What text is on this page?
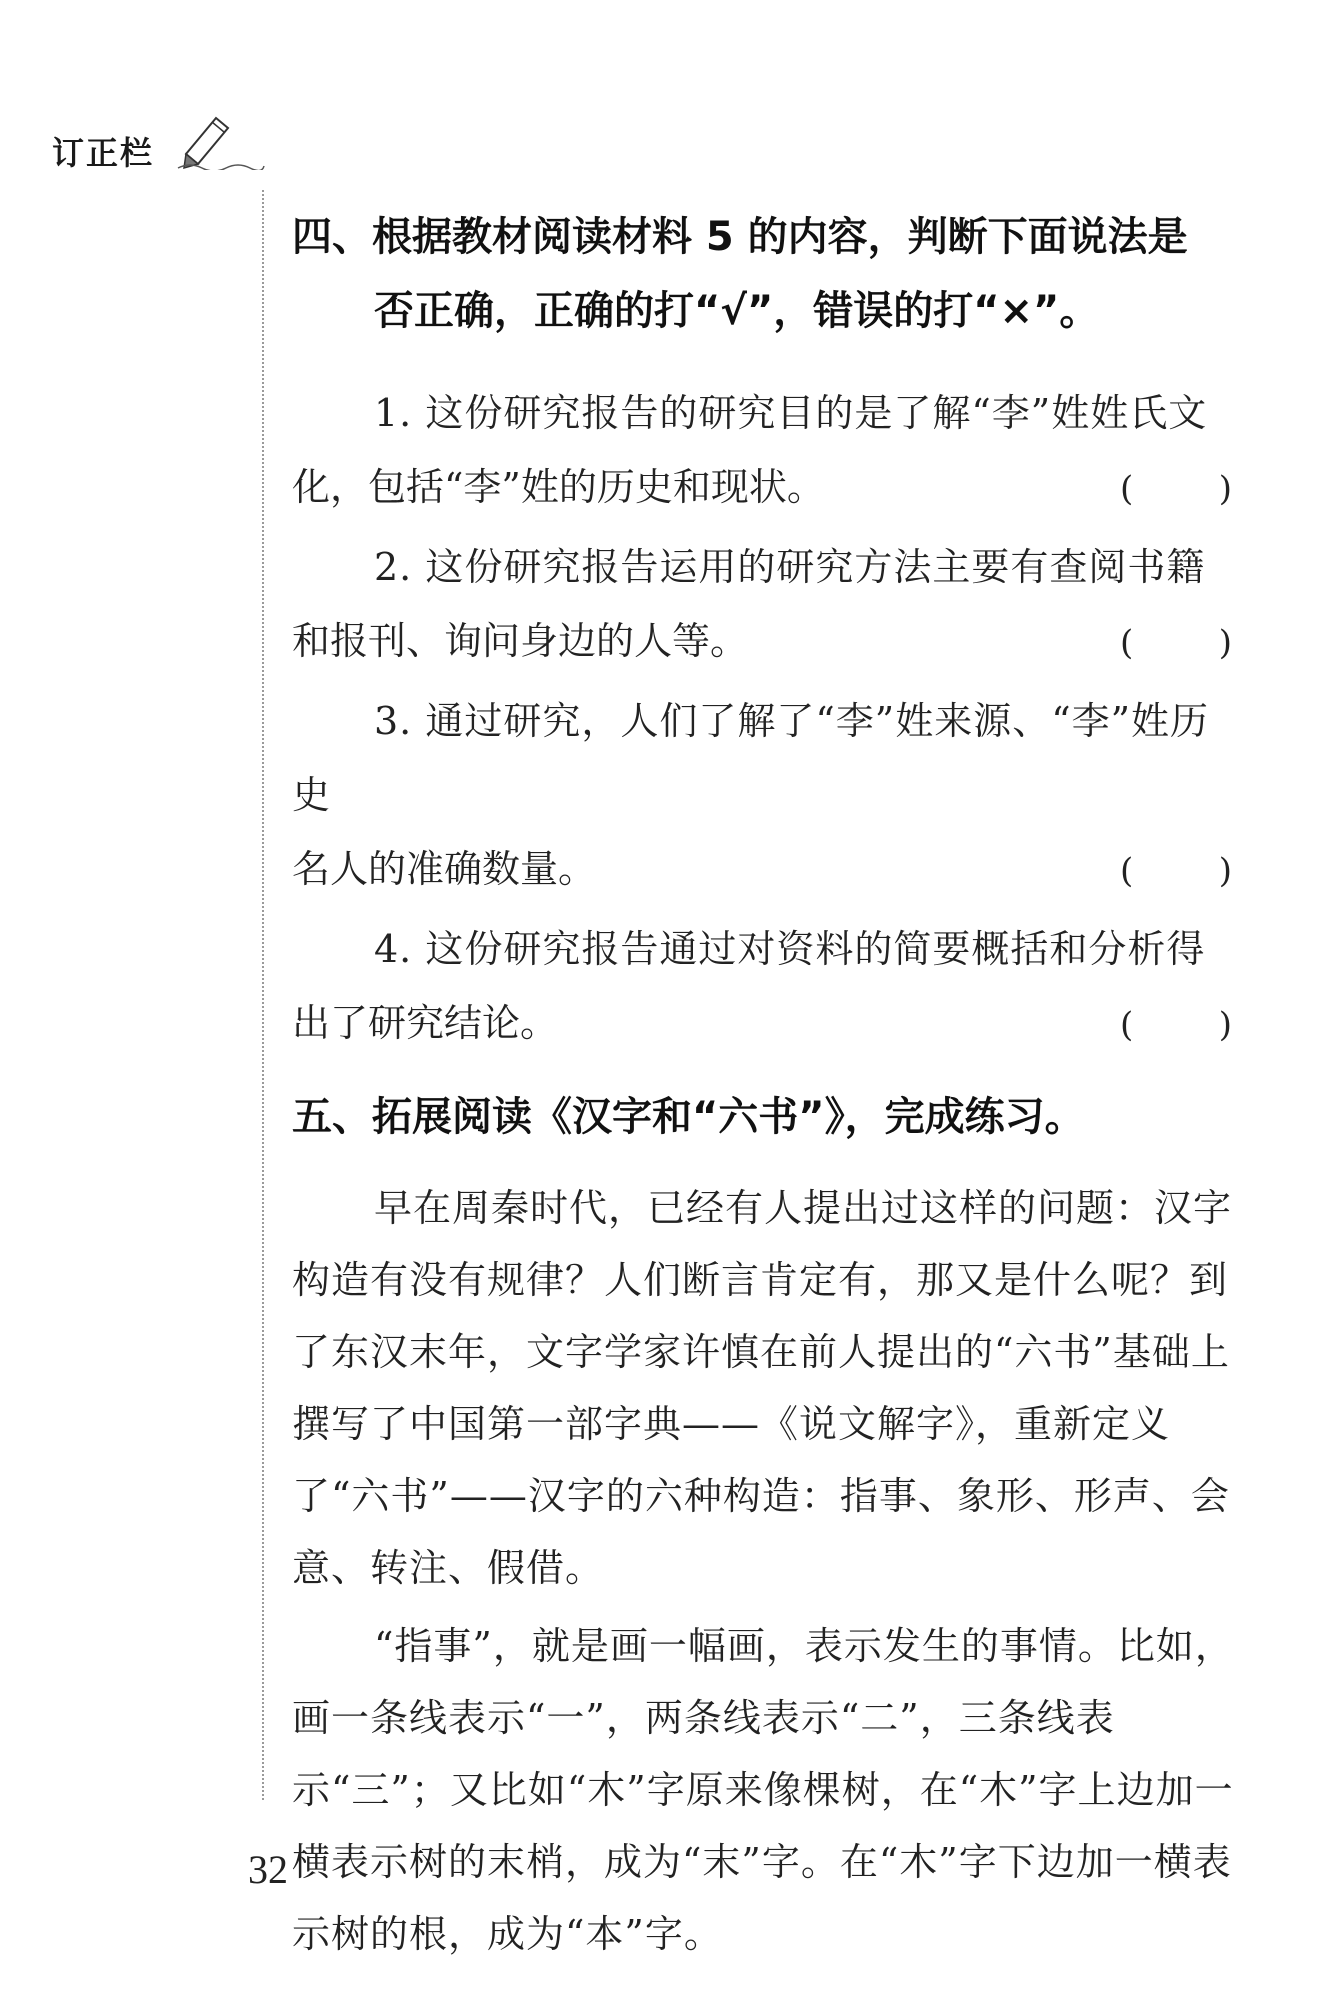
订正栏
四、根据教材阅读材料 5 的内容，判断下面说法是
否正确，正确的打“√”，错误的打“×”。
1. 这份研究报告的研究目的是了解“李”姓姓氏文
化，包括“李”姓的历史和现状。	(	)
2. 这份研究报告运用的研究方法主要有查阅书籍
和报刊、询问身边的人等。	(	)
3. 通过研究，人们了解了“李”姓来源、“李”姓历史
名人的准确数量。	(	)
4. 这份研究报告通过对资料的简要概括和分析得
出了研究结论。	(	)
五、拓展阅读《汉字和“六书”》，完成练习。

早在周秦时代，已经有人提出过这样的问题：汉字构造有没有规律？人们断言肯定有，那又是什么呢？到了东汉末年，文字学家许慎在前人提出的“六书”基础上撰写了中国第一部字典——《说文解字》，重新定义了“六书”——汉字的六种构造：指事、象形、形声、会意、转注、假借。

“指事”，就是画一幅画，表示发生的事情。比如，画一条线表示“一”，两条线表示“二”，三条线表示“三”；又比如“木”字原来像棵树，在“木”字上边加一横表示树的末梢，成为“末”字。在“木”字下边加一横表示树的根，成为“本”字。

32
